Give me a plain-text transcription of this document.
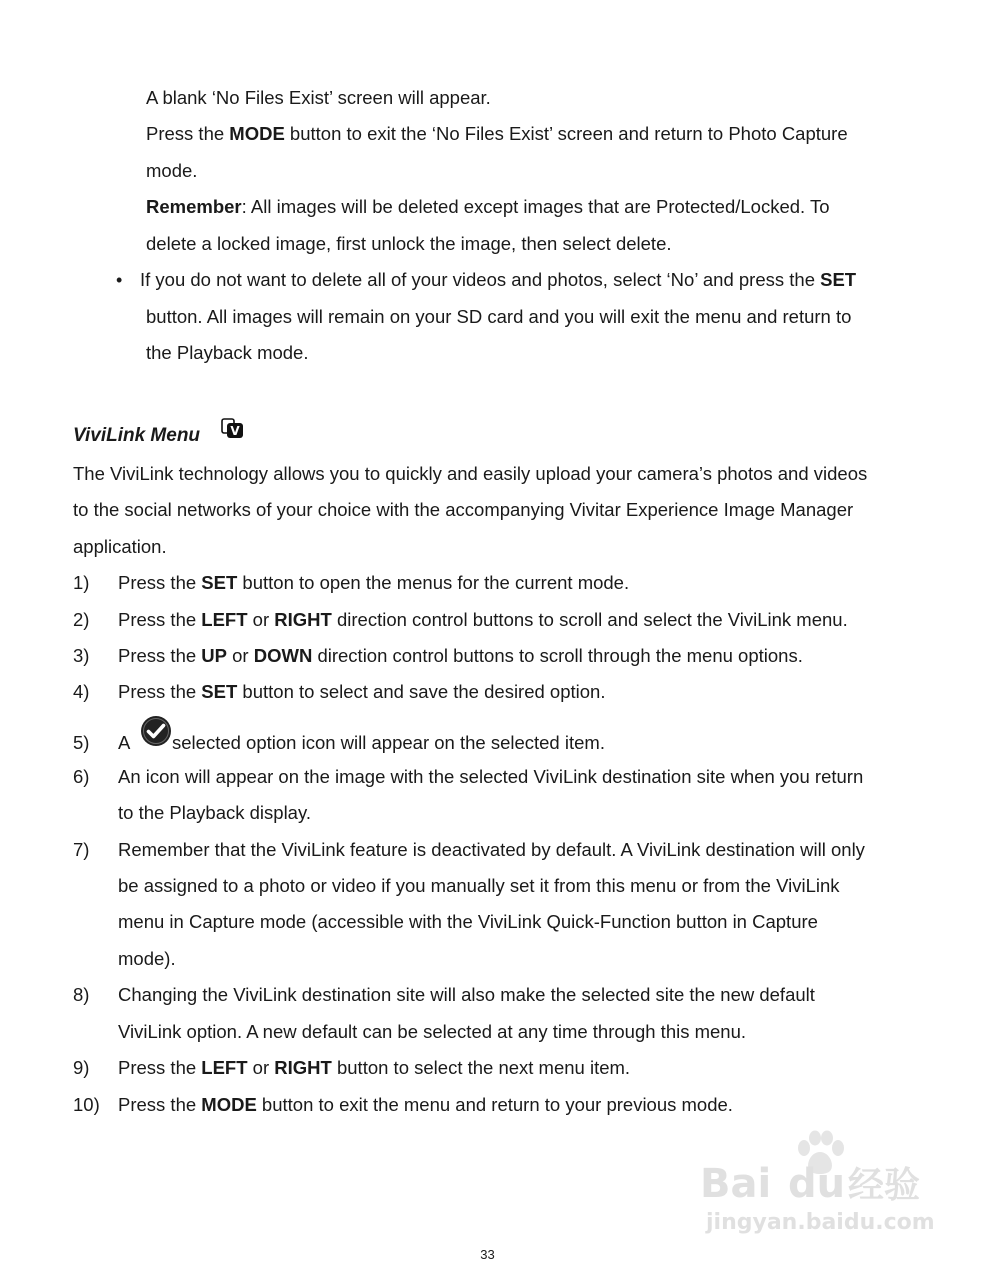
A blank ‘No Files Exist’ screen will appear.
Press the MODE button to exit the ‘No Files Exist’ screen and return to Photo Capture
mode.
Remember: All images will be deleted except images that are Protected/Locked. To
delete a locked image, first unlock the image, then select delete.
• If you do not want to delete all of your videos and photos, select ‘No’ and press the SET
button. All images will remain on your SD card and you will exit the menu and return to
the Playback mode.
ViviLink Menu	V
The ViviLink technology allows you to quickly and easily upload your camera’s photos and videos
to the social networks of your choice with the accompanying Vivitar Experience Image Manager
application.
1) Press the SET button to open the menus for the current mode.
2) Press the LEFT or RIGHT direction control buttons to scroll and select the ViviLink menu.
3) Press the UP or DOWN direction control buttons to scroll through the menu options.
4) Press the SET button to select and save the desired option.
5) A selected option icon will appear on the selected item.
6) An icon will appear on the image with the selected ViviLink destination site when you return
to the Playback display.
7) Remember that the ViviLink feature is deactivated by default. A ViviLink destination will only
be assigned to a photo or video if you manually set it from this menu or from the ViviLink
menu in Capture mode (accessible with the ViviLink Quick-Function button in Capture
mode).
8) Changing the ViviLink destination site will also make the selected site the new default
ViviLink option. A new default can be selected at any time through this menu.
9) Press the LEFT or RIGHT button to select the next menu item.
10) Press the MODE button to exit the menu and return to your previous mode.
Bai du 经验
jingyan.baidu.com
33
